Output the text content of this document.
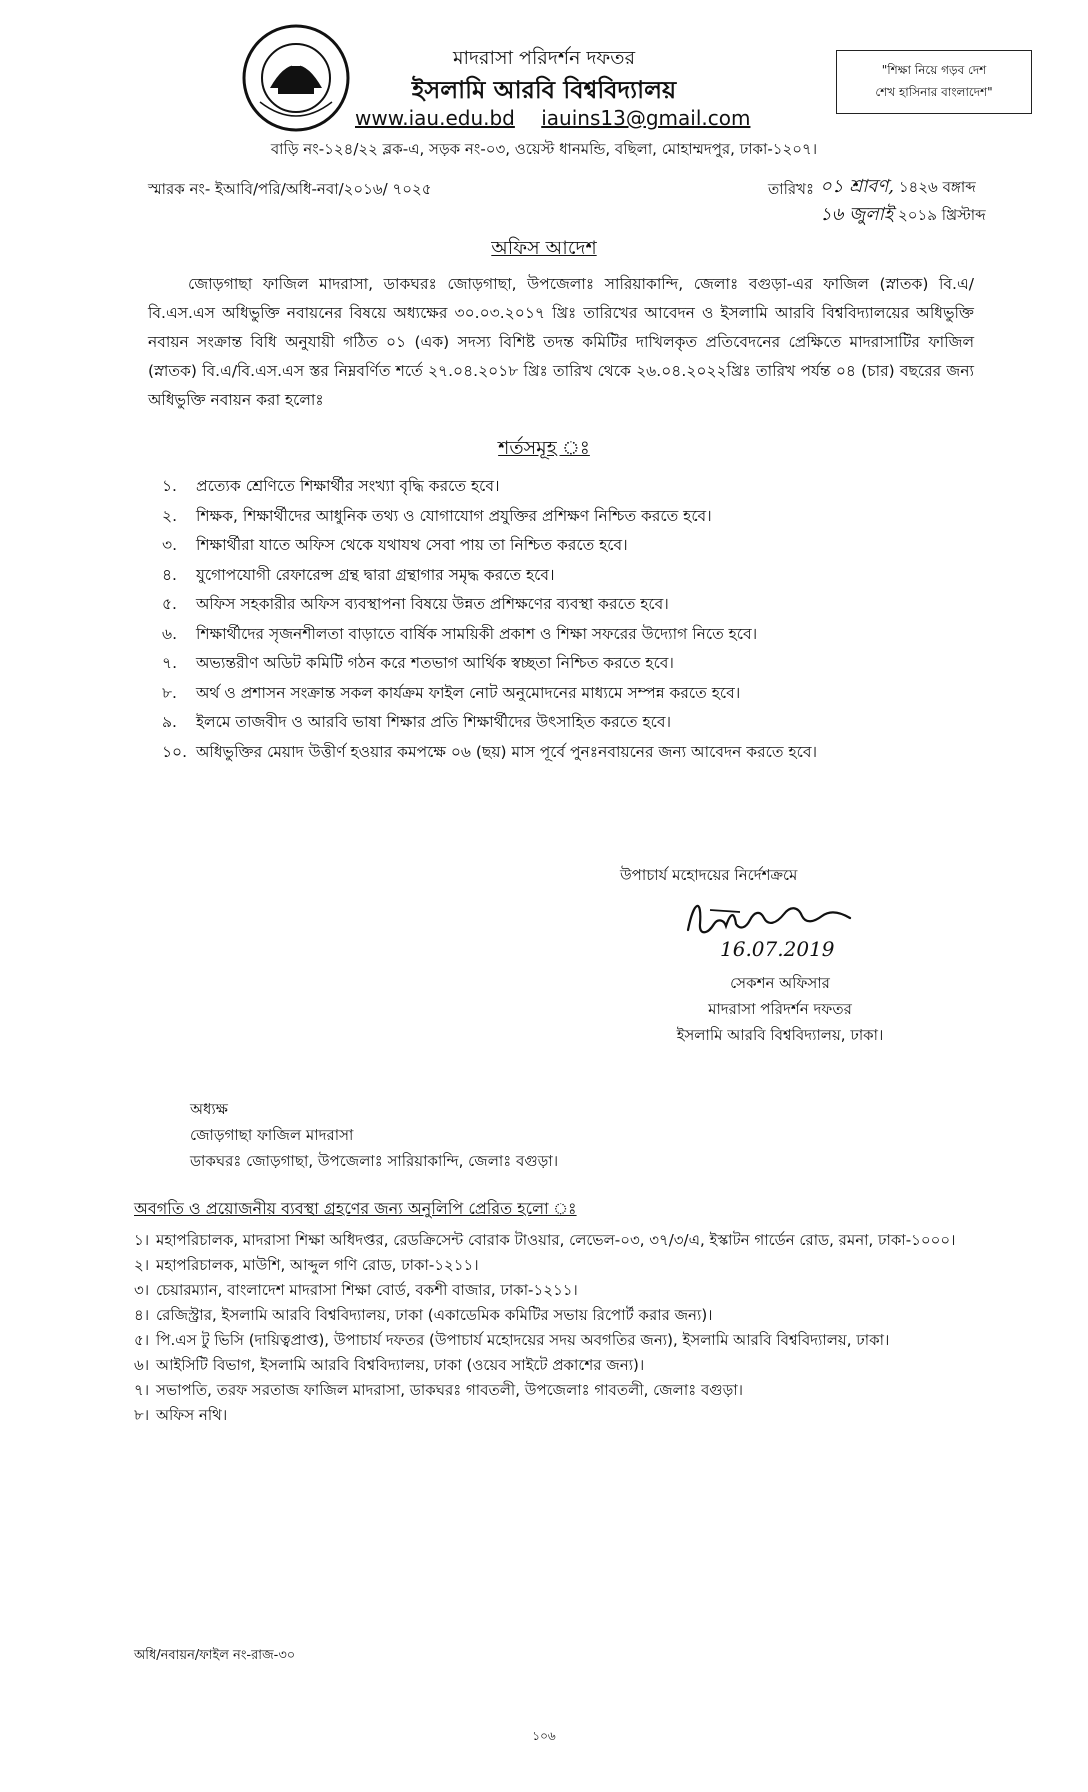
মাদরাসা পরিদর্শন দফতর
ইসলামি আরবি বিশ্ববিদ্যালয়
www.iau.edu.bd iauins13@gmail.com
বাড়ি নং-১২৪/২২ ব্লক-এ, সড়ক নং-০৩, ওয়েস্ট ধানমন্ডি, বছিলা, মোহাম্মদপুর, ঢাকা-১২০৭।
"শিক্ষা নিয়ে গড়ব দেশ
শেখ হাসিনার বাংলাদেশ"
স্মারক নং- ইআবি/পরি/অধি-নবা/২০১৬/ ৭০২৫	তারিখঃ ০১ শ্রাবণ, ১৪২৬ বঙ্গাব্দ
১৬ জুলাই ২০১৯ খ্রিস্টাব্দ
অফিস আদেশ
জোড়গাছা ফাজিল মাদরাসা, ডাকঘরঃ জোড়গাছা, উপজেলাঃ সারিয়াকান্দি, জেলাঃ বগুড়া-এর ফাজিল (স্নাতক) বি.এ/বি.এস.এস অধিভুক্তি নবায়নের বিষয়ে অধ্যক্ষের ৩০.০৩.২০১৭ খ্রিঃ তারিখের আবেদন ও ইসলামি আরবি বিশ্ববিদ্যালয়ের অধিভুক্তি নবায়ন সংক্রান্ত বিধি অনুযায়ী গঠিত ০১ (এক) সদস্য বিশিষ্ট তদন্ত কমিটির দাখিলকৃত প্রতিবেদনের প্রেক্ষিতে মাদরাসাটির ফাজিল (স্নাতক) বি.এ/বি.এস.এস স্তর নিম্নবর্ণিত শর্তে ২৭.০৪.২০১৮ খ্রিঃ তারিখ থেকে ২৬.০৪.২০২২খ্রিঃ তারিখ পর্যন্ত ০৪ (চার) বছরের জন্য অধিভুক্তি নবায়ন করা হলোঃ
শর্তসমূহ ঃ
১.	প্রত্যেক শ্রেণিতে শিক্ষার্থীর সংখ্যা বৃদ্ধি করতে হবে।
২.	শিক্ষক, শিক্ষার্থীদের আধুনিক তথ্য ও যোগাযোগ প্রযুক্তির প্রশিক্ষণ নিশ্চিত করতে হবে।
৩.	শিক্ষার্থীরা যাতে অফিস থেকে যথাযথ সেবা পায় তা নিশ্চিত করতে হবে।
৪.	যুগোপযোগী রেফারেন্স গ্রন্থ দ্বারা গ্রন্থাগার সমৃদ্ধ করতে হবে।
৫.	অফিস সহকারীর অফিস ব্যবস্থাপনা বিষয়ে উন্নত প্রশিক্ষণের ব্যবস্থা করতে হবে।
৬.	শিক্ষার্থীদের সৃজনশীলতা বাড়াতে বার্ষিক সাময়িকী প্রকাশ ও শিক্ষা সফরের উদ্যোগ নিতে হবে।
৭.	অভ্যন্তরীণ অডিট কমিটি গঠন করে শতভাগ আর্থিক স্বচ্ছতা নিশ্চিত করতে হবে।
৮.	অর্থ ও প্রশাসন সংক্রান্ত সকল কার্যক্রম ফাইল নোট অনুমোদনের মাধ্যমে সম্পন্ন করতে হবে।
৯.	ইলমে তাজবীদ ও আরবি ভাষা শিক্ষার প্রতি শিক্ষার্থীদের উৎসাহিত করতে হবে।
১০. অধিভুক্তির মেয়াদ উত্তীর্ণ হওয়ার কমপক্ষে ০৬ (ছয়) মাস পূর্বে পুনঃনবায়নের জন্য আবেদন করতে হবে।
উপাচার্য মহোদয়ের নির্দেশক্রমে
16.07.2019
সেকশন অফিসার
মাদরাসা পরিদর্শন দফতর
ইসলামি আরবি বিশ্ববিদ্যালয়, ঢাকা।
অধ্যক্ষ
জোড়গাছা ফাজিল মাদরাসা
ডাকঘরঃ জোড়গাছা, উপজেলাঃ সারিয়াকান্দি, জেলাঃ বগুড়া।
অবগতি ও প্রয়োজনীয় ব্যবস্থা গ্রহণের জন্য অনুলিপি প্রেরিত হলো ঃ
১। মহাপরিচালক, মাদরাসা শিক্ষা অধিদপ্তর, রেডক্রিসেন্ট বোরাক টাওয়ার, লেভেল-০৩, ৩৭/৩/এ, ইস্কাটন গার্ডেন রোড, রমনা, ঢাকা-১০০০।
২। মহাপরিচালক, মাউশি, আব্দুল গণি রোড, ঢাকা-১২১১।
৩। চেয়ারম্যান, বাংলাদেশ মাদরাসা শিক্ষা বোর্ড, বকশী বাজার, ঢাকা-১২১১।
৪। রেজিস্ট্রার, ইসলামি আরবি বিশ্ববিদ্যালয়, ঢাকা (একাডেমিক কমিটির সভায় রিপোর্ট করার জন্য)।
৫। পি.এস টু ভিসি (দায়িত্বপ্রাপ্ত), উপাচার্য দফতর (উপাচার্য মহোদয়ের সদয় অবগতির জন্য), ইসলামি আরবি বিশ্ববিদ্যালয়, ঢাকা।
৬। আইসিটি বিভাগ, ইসলামি আরবি বিশ্ববিদ্যালয়, ঢাকা (ওয়েব সাইটে প্রকাশের জন্য)।
৭। সভাপতি, তরফ সরতাজ ফাজিল মাদরাসা, ডাকঘরঃ গাবতলী, উপজেলাঃ গাবতলী, জেলাঃ বগুড়া।
৮। অফিস নথি।
অধি/নবায়ন/ফাইল নং-রাজ-৩০
১০৬
